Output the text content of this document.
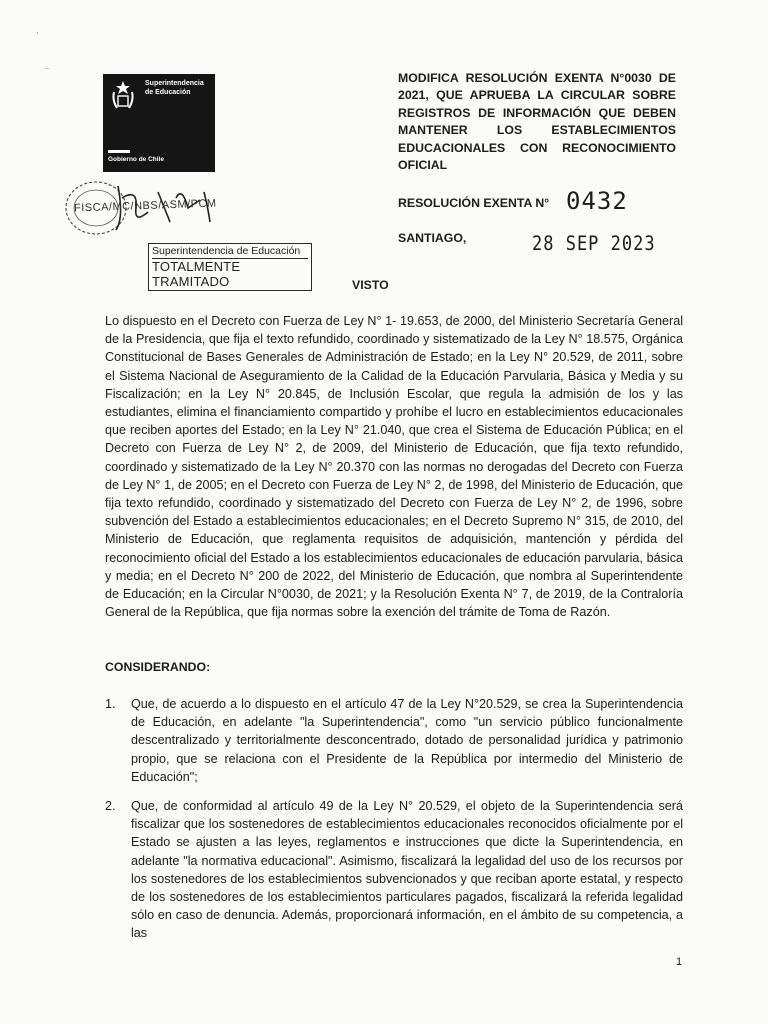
·
··
Superintendencia
de Educación
Gobierno de Chile
FISCA/MC/NBS/ASM/PCM
Superintendencia de Educación
TOTALMENTE TRAMITADO
MODIFICA RESOLUCIÓN EXENTA N°0030 DE 2021, QUE APRUEBA LA CIRCULAR SOBRE REGISTROS DE INFORMACIÓN QUE DEBEN MANTENER LOS ESTABLECIMIENTOS EDUCACIONALES CON RECONOCIMIENTO OFICIAL
RESOLUCIÓN EXENTA N° 0432
SANTIAGO,	28 SEP 2023
VISTO
Lo dispuesto en el Decreto con Fuerza de Ley N° 1- 19.653, de 2000, del Ministerio Secretaría General de la Presidencia, que fija el texto refundido, coordinado y sistematizado de la Ley N° 18.575, Orgánica Constitucional de Bases Generales de Administración de Estado; en la Ley N° 20.529, de 2011, sobre el Sistema Nacional de Aseguramiento de la Calidad de la Educación Parvularia, Básica y Media y su Fiscalización; en la Ley N° 20.845, de Inclusión Escolar, que regula la admisión de los y las estudiantes, elimina el financiamiento compartido y prohíbe el lucro en establecimientos educacionales que reciben aportes del Estado; en la Ley N° 21.040, que crea el Sistema de Educación Pública; en el Decreto con Fuerza de Ley N° 2, de 2009, del Ministerio de Educación, que fija texto refundido, coordinado y sistematizado de la Ley N° 20.370 con las normas no derogadas del Decreto con Fuerza de Ley N° 1, de 2005; en el Decreto con Fuerza de Ley N° 2, de 1998, del Ministerio de Educación, que fija texto refundido, coordinado y sistematizado del Decreto con Fuerza de Ley N° 2, de 1996, sobre subvención del Estado a establecimientos educacionales; en el Decreto Supremo N° 315, de 2010, del Ministerio de Educación, que reglamenta requisitos de adquisición, mantención y pérdida del reconocimiento oficial del Estado a los establecimientos educacionales de educación parvularia, básica y media; en el Decreto N° 200 de 2022, del Ministerio de Educación, que nombra al Superintendente de Educación; en la Circular N°0030, de 2021; y la Resolución Exenta N° 7, de 2019, de la Contraloría General de la República, que fija normas sobre la exención del trámite de Toma de Razón.
CONSIDERANDO:
1. Que, de acuerdo a lo dispuesto en el artículo 47 de la Ley N°20.529, se crea la Superintendencia de Educación, en adelante "la Superintendencia", como "un servicio público funcionalmente descentralizado y territorialmente desconcentrado, dotado de personalidad jurídica y patrimonio propio, que se relaciona con el Presidente de la República por intermedio del Ministerio de Educación";
2. Que, de conformidad al artículo 49 de la Ley N° 20.529, el objeto de la Superintendencia será fiscalizar que los sostenedores de establecimientos educacionales reconocidos oficialmente por el Estado se ajusten a las leyes, reglamentos e instrucciones que dicte la Superintendencia, en adelante "la normativa educacional". Asimismo, fiscalizará la legalidad del uso de los recursos por los sostenedores de los establecimientos subvencionados y que reciban aporte estatal, y respecto de los sostenedores de los establecimientos particulares pagados, fiscalizará la referida legalidad sólo en caso de denuncia. Además, proporcionará información, en el ámbito de su competencia, a las
1
